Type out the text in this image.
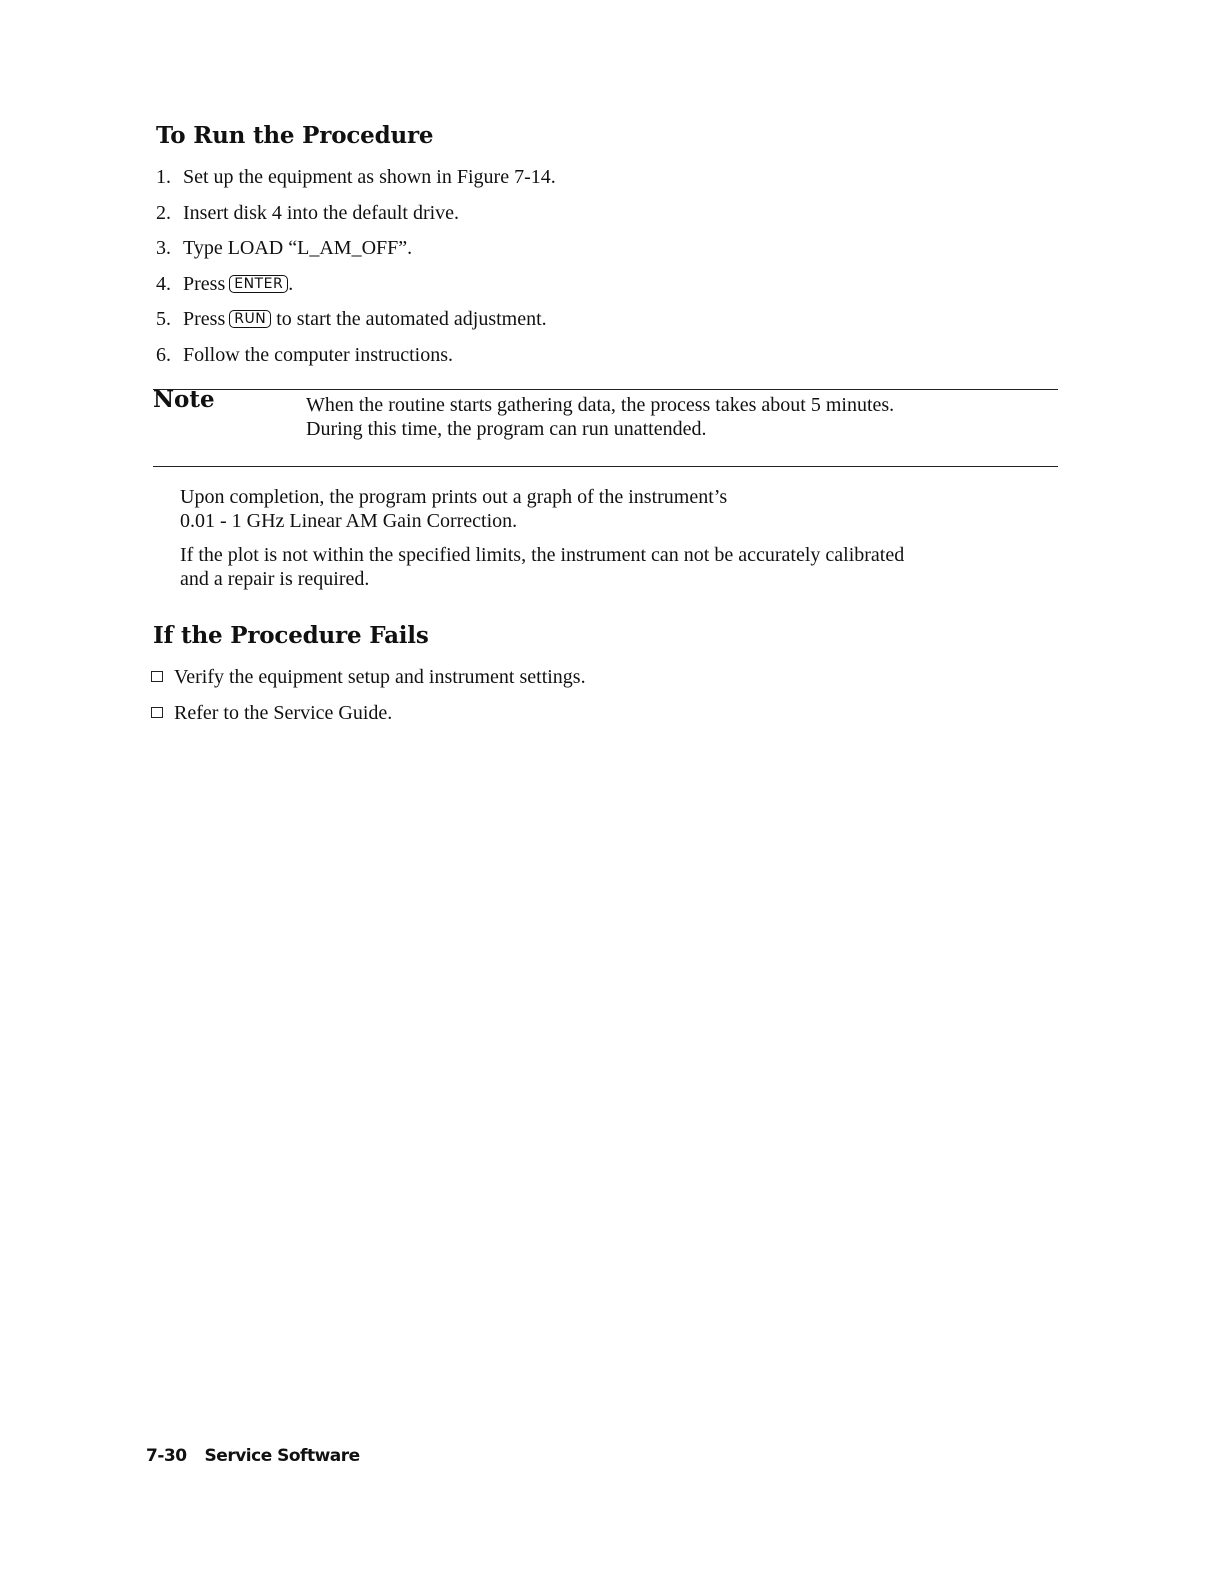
To Run the Procedure
1. Set up the equipment as shown in Figure 7-14.
2. Insert disk 4 into the default drive.
3. Type LOAD “L_AM_OFF”.
4. Press ENTER .
5. Press RUN to start the automated adjustment.
6. Follow the computer instructions.
Note	When the routine starts gathering data, the process takes about 5 minutes.
During this time, the program can run unattended.

Upon completion, the program prints out a graph of the instrument’s
0.01 - 1 GHz Linear AM Gain Correction.

If the plot is not within the specified limits, the instrument can not be accurately calibrated
and a repair is required.

If the Procedure Fails
Verify the equipment setup and instrument settings.
Refer to the Service Guide.
7-30 Service Software
